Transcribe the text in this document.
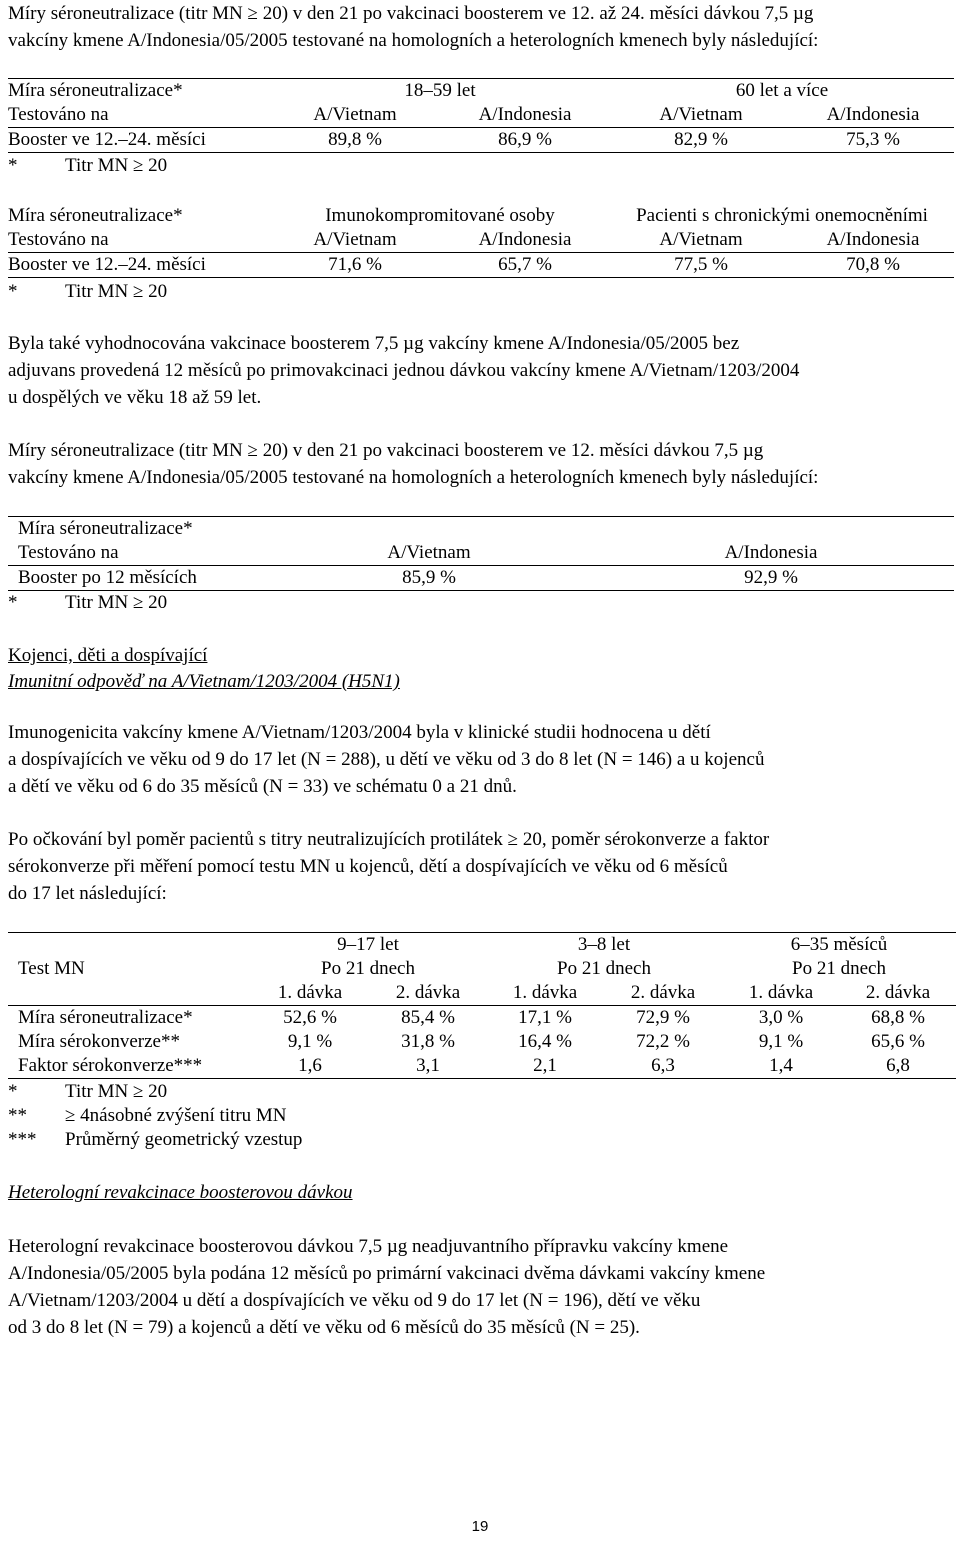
Míry séroneutralizace (titr MN ≥ 20) v den 21 po vakcinaci boosterem ve 12. až 24. měsíci dávkou 7,5 µg
vakcíny kmene A/Indonesia/05/2005 testované na homologních a heterologních kmenech byly následující:

Míra séroneutralizace*	18–59 let		60 let a více	
Testováno na	A/Vietnam	A/Indonesia	A/Vietnam	A/Indonesia
Booster ve 12.–24. měsíci	89,8 %	86,9 %	82,9 %	75,3 %
*	Titr MN ≥ 20
Míra séroneutralizace*	Imunokompromitované osoby		Pacienti s chronickými onemocněními	
Testováno na	A/Vietnam	A/Indonesia	A/Vietnam	A/Indonesia
Booster ve 12.–24. měsíci	71,6 %	65,7 %	77,5 %	70,8 %
*	Titr MN ≥ 20

Byla také vyhodnocována vakcinace boosterem 7,5 µg vakcíny kmene A/Indonesia/05/2005 bez
adjuvans provedená 12 měsíců po primovakcinaci jednou dávkou vakcíny kmene A/Vietnam/1203/2004
u dospělých ve věku 18 až 59 let.

Míry séroneutralizace (titr MN ≥ 20) v den 21 po vakcinaci boosterem ve 12. měsíci dávkou 7,5 µg
vakcíny kmene A/Indonesia/05/2005 testované na homologních a heterologních kmenech byly následující:

Míra séroneutralizace*		
Testováno na	A/Vietnam	A/Indonesia
Booster po 12 měsících	85,9 %	92,9 %
*	Titr MN ≥ 20
Kojenci, děti a dospívající
Imunitní odpověď na A/Vietnam/1203/2004 (H5N1)

Imunogenicita vakcíny kmene A/Vietnam/1203/2004 byla v klinické studii hodnocena u dětí
a dospívajících ve věku od 9 do 17 let (N = 288), u dětí ve věku od 3 do 8 let (N = 146) a u kojenců
a dětí ve věku od 6 do 35 měsíců (N = 33) ve schématu 0 a 21 dnů.

Po očkování byl poměr pacientů s titry neutralizujících protilátek ≥ 20, poměr sérokonverze a faktor
sérokonverze při měření pomocí testu MN u kojenců, dětí a dospívajících ve věku od 6 měsíců
do 17 let následující:

	9–17 let		3–8 let		6–35 měsíců	
Test MN	Po 21 dnech		Po 21 dnech		Po 21 dnech	
	1. dávka	2. dávka	1. dávka	2. dávka	1. dávka	2. dávka
Míra séroneutralizace*	52,6 %	85,4 %	17,1 %	72,9 %	3,0 %	68,8 %
Míra sérokonverze**	9,1 %	31,8 %	16,4 %	72,2 %	9,1 %	65,6 %
Faktor sérokonverze***	1,6	3,1	2,1	6,3	1,4	6,8
*	Titr MN ≥ 20
** ≥ 4násobné zvýšení titru MN
*** Průměrný geometrický vzestup
Heterologní revakcinace boosterovou dávkou

Heterologní revakcinace boosterovou dávkou 7,5 µg neadjuvantního přípravku vakcíny kmene
A/Indonesia/05/2005 byla podána 12 měsíců po primární vakcinaci dvěma dávkami vakcíny kmene
A/Vietnam/1203/2004 u dětí a dospívajících ve věku od 9 do 17 let (N = 196), dětí ve věku
od 3 do 8 let (N = 79) a kojenců a dětí ve věku od 6 měsíců do 35 měsíců (N = 25).

19
